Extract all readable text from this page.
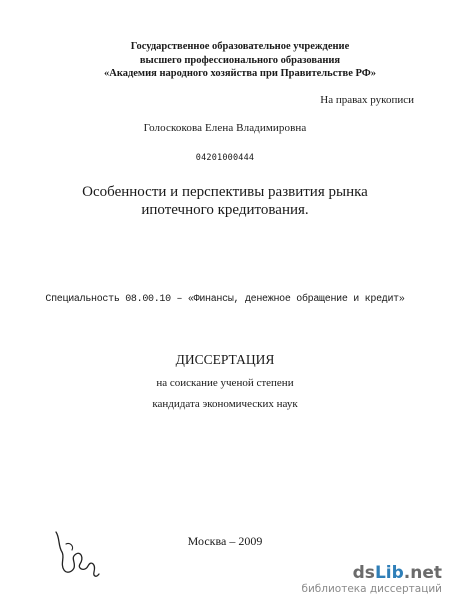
Государственное образовательное учреждение
высшего профессионального образования
«Академия народного хозяйства при Правительстве РФ»
На правах рукописи
Голоскокова Елена Владимировна
04201000444
Особенности и перспективы развития рынка
ипотечного кредитования.
Специальность 08.00.10 – «Финансы, денежное обращение и кредит»
ДИССЕРТАЦИЯ
на соискание ученой степени
кандидата экономических наук
Москва – 2009
dsLib.net
библиотека диссертаций
